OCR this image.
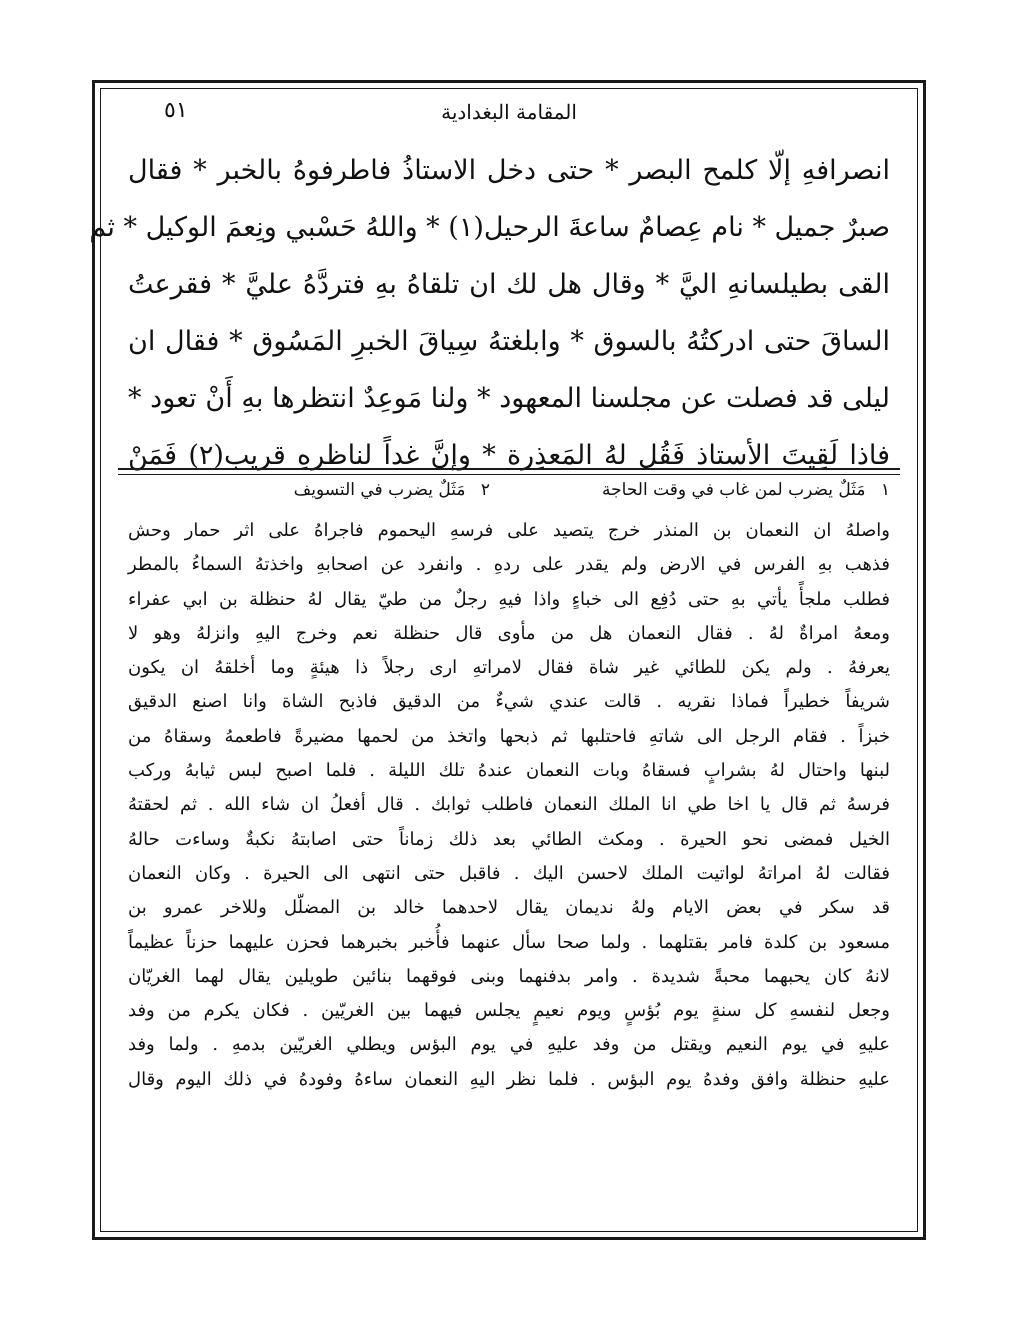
المقامة البغدادية
٥١
انصرافهِ إلّا كلمح البصر * حتى دخل الاستاذُ فاطرفوهُ بالخبر * فقال
صبرٌ جميل * نام عِصامٌ ساعةَ الرحيل(١) * واللهُ حَسْبي ونِعمَ الوكيل * ثم
القى بطيلسانهِ اليَّ * وقال هل لك ان تلقاهُ بهِ فتردَّهُ عليَّ * فقرعتُ
الساقَ حتى ادركتُهُ بالسوق * وابلغتهُ سِياقَ الخبرِ المَسُوق * فقال ان
ليلى قد فصلت عن مجلسنا المعهود * ولنا مَوعِدٌ انتظرها بهِ أَنْ تعود *
فاذا لَقِيتَ الأستاذ فَقُل لهُ المَعذِرة * وإنَّ غداً لناظرهِ قريب(٢) فَمَنْ
١ مَثَلٌ يضرب لمن غاب في وقت الحاجة
٢ مَثَلٌ يضرب في التسويف
واصلهُ ان النعمان بن المنذر خرج يتصيد على فرسهِ اليحموم فاجراهُ على اثر حمار وحش
فذهب بهِ الفرس في الارض ولم يقدر على ردهِ . وانفرد عن اصحابهِ واخذتهُ السماءُ بالمطر
فطلب ملجأً يأتي بهِ حتى دُفِع الى خباءٍ واذا فيهِ رجلٌ من طيّ يقال لهُ حنظلة بن ابي عفراء
ومعهُ امراةٌ لهُ . فقال النعمان هل من مأوى قال حنظلة نعم وخرج اليهِ وانزلهُ وهو لا
يعرفهُ . ولم يكن للطائي غير شاة فقال لامراتهِ ارى رجلاً ذا هيئةٍ وما أخلقهُ ان يكون
شريفاً خطيراً فماذا نقريه . قالت عندي شيءٌ من الدقيق فاذبح الشاة وانا اصنع الدقيق
خبزاً . فقام الرجل الى شاتهِ فاحتلبها ثم ذبحها واتخذ من لحمها مضيرةً فاطعمهُ وسقاهُ من
لبنها واحتال لهُ بشرابٍ فسقاهُ وبات النعمان عندهُ تلك الليلة . فلما اصبح لبس ثيابهُ وركب
فرسهُ ثم قال يا اخا طي انا الملك النعمان فاطلب ثوابك . قال أفعلُ ان شاء الله . ثم لحقتهُ
الخيل فمضى نحو الحيرة . ومكث الطائي بعد ذلك زماناً حتى اصابتهُ نكبةٌ وساءت حالهُ
فقالت لهُ امراتهُ لواتيت الملك لاحسن اليك . فاقبل حتى انتهى الى الحيرة . وكان النعمان
قد سكر في بعض الايام ولهُ نديمان يقال لاحدهما خالد بن المضلّل وللاخر عمرو بن
مسعود بن كلدة فامر بقتلهما . ولما صحا سأل عنهما فأُخبر بخبرهما فحزن عليهما حزناً عظيماً
لانهُ كان يحبهما محبةً شديدة . وامر بدفنهما وبنى فوقهما بنائين طويلين يقال لهما الغريّان
وجعل لنفسهِ كل سنةٍ يوم بُؤسٍ ويوم نعيمٍ يجلس فيهما بين الغريّين . فكان يكرم من وفد
عليهِ في يوم النعيم ويقتل من وفد عليهِ في يوم البؤس ويطلي الغريّين بدمهِ . ولما وفد
عليهِ حنظلة وافق وفدهُ يوم البؤس . فلما نظر اليهِ النعمان ساءهُ وفودهُ في ذلك اليوم وقال
